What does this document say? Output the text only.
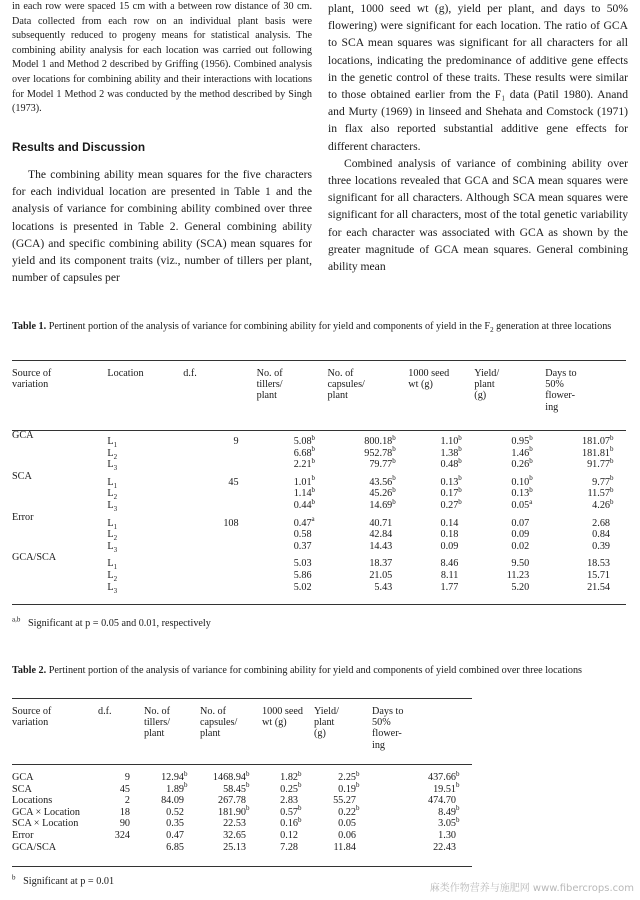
in each row were spaced 15 cm with a between row distance of 30 cm. Data collected from each row on an individual plant basis were subsequently reduced to progeny means for statistical analysis. The combining ability analysis for each location was carried out following Model 1 and Method 2 described by Griffing (1956). Combined analysis over locations for combining ability and their interactions with locations for Model 1 Method 2 was conducted by the method described by Singh (1973).

Results and Discussion

The combining ability mean squares for the five characters for each individual location are presented in Table 1 and the analysis of variance for combining ability combined over three locations is presented in Table 2. General combining ability (GCA) and specific combining ability (SCA) mean squares for yield and its component traits (viz., number of tillers per plant, number of capsules per

plant, 1000 seed wt (g), yield per plant, and days to 50% flowering) were significant for each location. The ratio of GCA to SCA mean squares was significant for all characters for all locations, indicating the predominance of additive gene effects in the genetic control of these traits. These results were similar to those obtained earlier from the F₁ data (Patil 1980). Anand and Murty (1969) in linseed and Shehata and Comstock (1971) in flax also reported substantial additive gene effects for different characters.

Combined analysis of variance of combining ability over three locations revealed that GCA and SCA mean squares were significant for all characters. Although SCA mean squares were significant for all characters, most of the total genetic variability for each character was associated with GCA as shown by the greater magnitude of GCA mean squares. General combining ability mean

Table 1. Pertinent portion of the analysis of variance for combining ability for yield and components of yield in the $F_2$ generation at three locations
Source of
variation	Location	d.f.	No. of
tillers/
plant	No. of
capsules/
plant	1000 seed
wt (g)	Yield/
plant
(g)	Days to
50%
flower-
ing
GCA	$L_1$	9	5.08$^b$	800.18$^b$	1.10$^b$	0.95$^b$	181.07$^b$
	$L_2$		6.68$^b$	952.78$^b$	1.38$^b$	1.46$^b$	181.81$^b$
	$L_3$		2.21$^b$	79.77$^b$	0.48$^b$	0.26$^b$	91.77$^b$
SCA	$L_1$	45	1.01$^b$	43.56$^b$	0.13$^b$	0.10$^b$	9.77$^b$
	$L_2$		1.14$^b$	45.26$^b$	0.17$^b$	0.13$^b$	11.57$^b$
	$L_3$		0.44$^b$	14.69$^b$	0.27$^b$	0.05$^a$	4.26$^b$
Error	$L_1$	108	0.47$^a$	40.71	0.14	0.07	2.68
	$L_2$		0.58	42.84	0.18	0.09	0.84
	$L_3$		0.37	14.43	0.09	0.02	0.39
GCA/SCA	$L_1$		5.03	18.37	8.46	9.50	18.53
	$L_2$		5.86	21.05	8.11	11.23	15.71
	$L_3$		5.02	5.43	1.77	5.20	21.54
$^{a,b}$ Significant at p = 0.05 and 0.01, respectively
Table 2. Pertinent portion of the analysis of variance for combining ability for yield and components of yield combined over three locations
Source of
variation	d.f.	No. of
tillers/
plant	No. of
capsules/
plant	1000 seed
wt (g)	Yield/
plant
(g)	Days to
50%
flower-
ing
GCA	9	12.94$^b$	1468.94$^b$	1.82$^b$	2.25$^b$	437.66$^b$
SCA	45	1.89$^b$	58.45$^b$	0.25$^b$	0.19$^b$	19.51$^b$
Locations	2	84.09	267.78	2.83	55.27	474.70
GCA × Location	18	0.52	181.90$^b$	0.57$^b$	0.22$^b$	8.49$^b$
SCA × Location	90	0.35	22.53	0.16$^b$	0.05	3.05$^b$
Error	324	0.47	32.65	0.12	0.06	1.30
GCA/SCA		6.85	25.13	7.28	11.84	22.43
$^b$ Significant at p = 0.01
麻类作物营养与施肥网 www.fibercrops.com
